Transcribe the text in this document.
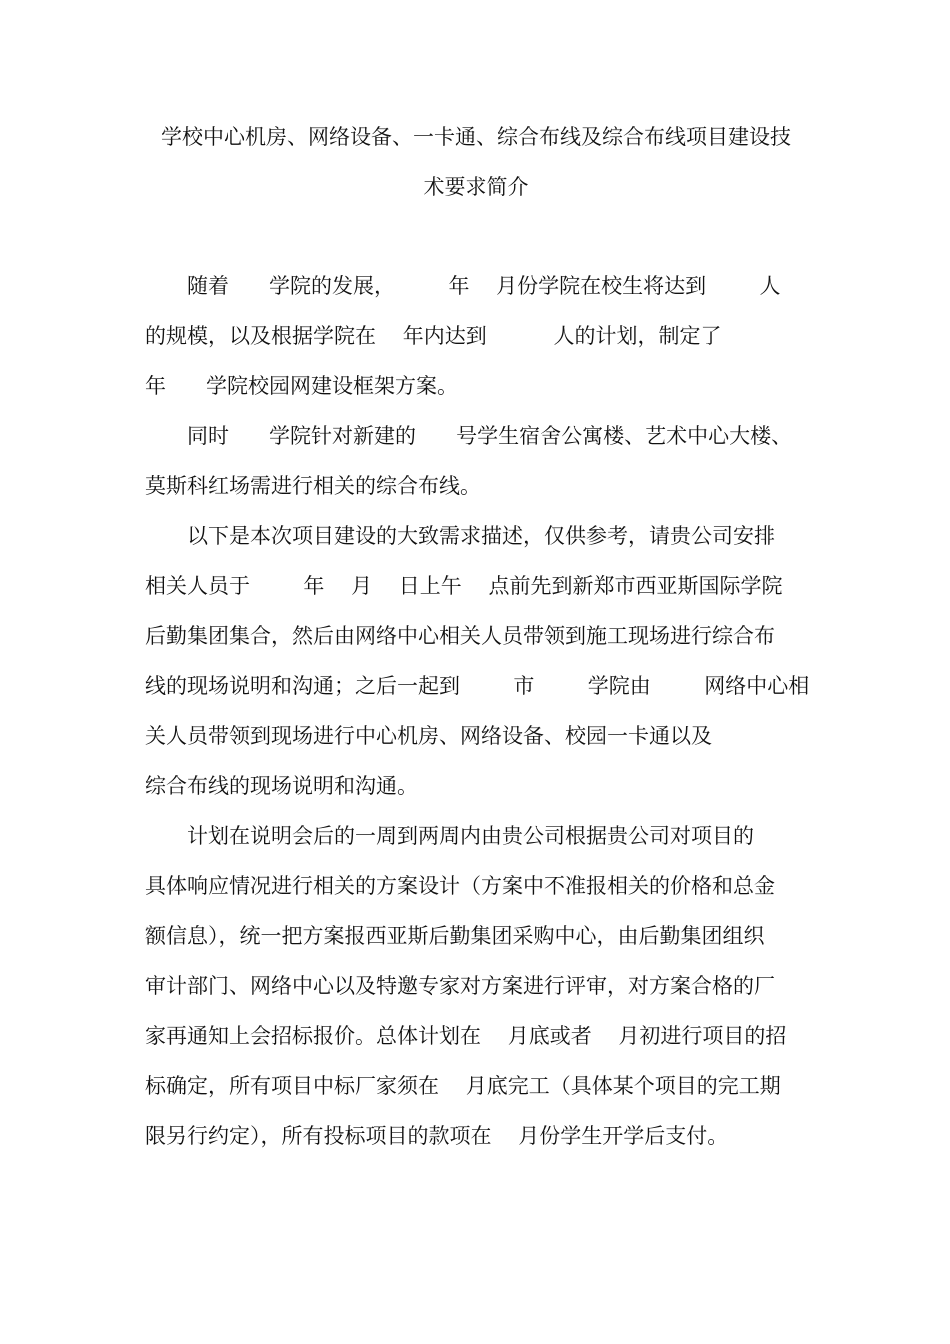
学校中心机房、网络设备、一卡通、综合布线及综合布线项目建设技
术要求简介
随着      学院的发展，        年    月份学院在校生将达到        人
的规模，以及根据学院在    年内达到          人的计划，制定了
年      学院校园网建设框架方案。
同时      学院针对新建的      号学生宿舍公寓楼、艺术中心大楼、
莫斯科红场需进行相关的综合布线。
以下是本次项目建设的大致需求描述，仅供参考，请贵公司安排
相关人员于        年    月    日上午    点前先到新郑市西亚斯国际学院
后勤集团集合，然后由网络中心相关人员带领到施工现场进行综合布
线的现场说明和沟通；之后一起到        市        学院由        网络中心相
关人员带领到现场进行中心机房、网络设备、校园一卡通以及
综合布线的现场说明和沟通。
计划在说明会后的一周到两周内由贵公司根据贵公司对项目的
具体响应情况进行相关的方案设计（方案中不准报相关的价格和总金
额信息），统一把方案报西亚斯后勤集团采购中心，由后勤集团组织
审计部门、网络中心以及特邀专家对方案进行评审，对方案合格的厂
家再通知上会招标报价。总体计划在    月底或者    月初进行项目的招
标确定，所有项目中标厂家须在    月底完工（具体某个项目的完工期
限另行约定），所有投标项目的款项在    月份学生开学后支付。
